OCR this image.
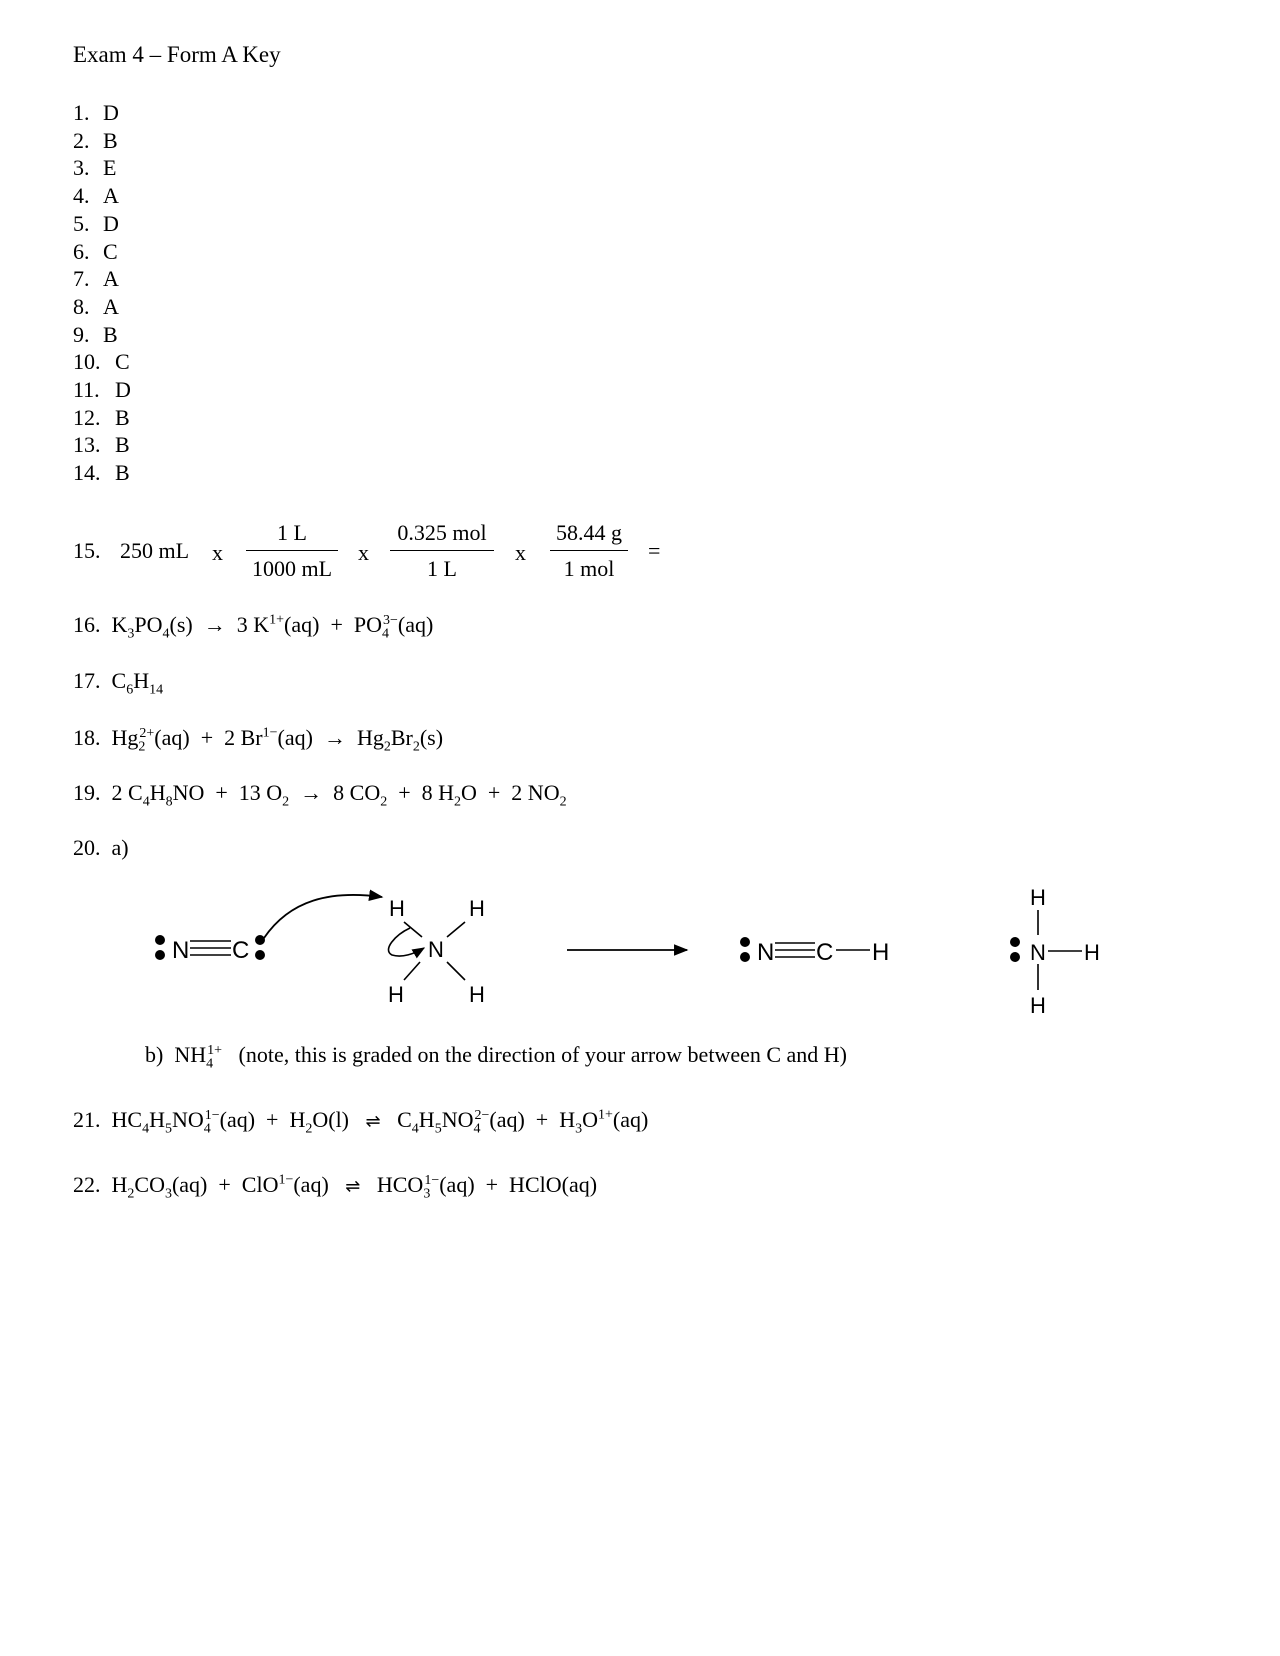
Exam 4 – Form A Key
1. D
2. B
3. E
4. A
5. D
6. C
7. A
8. A
9. B
10. C
11. D
12. B
13. B
14. B
15. 250 mL x $\frac{1 L}{1000 mL}$ x
0.325 mol
1 L
x
58.44 g
1 mol
=
16. $K_3PO_4(s) \to 3$ $K^{1+}(aq) + PO_4^{3-}(aq)$
17. $C_6H_{14}$
18. $Hg_2^{2+}(aq) + 2$ $Br^{1-}(aq) \to Hg_2Br_2(s)$
19. 2 $C_4H_8NO + 13$ $O_2 \to 8$ $CO_2 + 8$ $H_2O + 2$ $NO_2$
20. a)
N C
H	H
N
H	H
N C H
H
N H
H
b) $NH_4^{1+}$ (note, this is graded on the direction of your arrow between C and H)
21. $HC_4H_5NO_4^{1-}(aq) + H_2O(l)$   ⇌   $C_4H_5NO_4^{2-}(aq) + H_3O^{1+}(aq)$
22. $H_2CO_3(aq) + ClO^{1-}(aq)$   ⇌   $HCO_3^{1-}(aq)$  +  HClO(aq)
